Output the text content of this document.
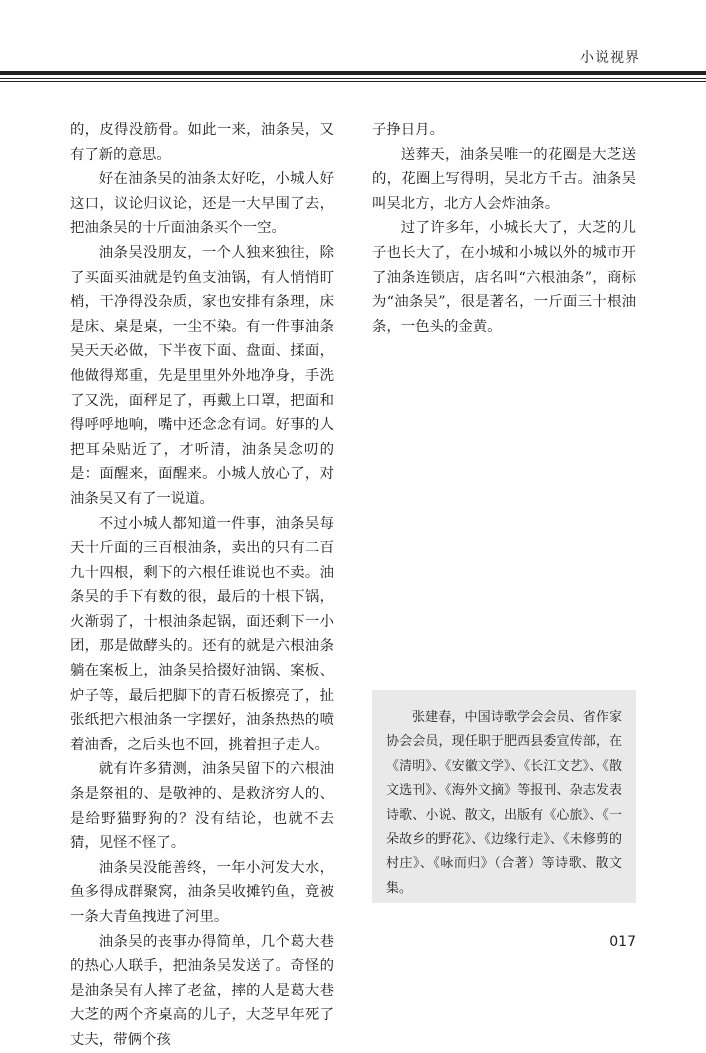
小说视界

的，皮得没筋骨。如此一来，油条吴，又有了新的意思。

好在油条吴的油条太好吃，小城人好这口，议论归议论，还是一大早围了去，把油条吴的十斤面油条买个一空。

油条吴没朋友，一个人独来独往，除了买面买油就是钓鱼支油锅，有人悄悄盯梢，干净得没杂质，家也安排有条理，床是床、桌是桌，一尘不染。有一件事油条吴天天必做，下半夜下面、盘面、揉面，他做得郑重，先是里里外外地净身，手洗了又洗，面秤足了，再戴上口罩，把面和得呼呼地响，嘴中还念念有词。好事的人把耳朵贴近了，才听清，油条吴念叨的是：面醒来，面醒来。小城人放心了，对油条吴又有了一说道。

不过小城人都知道一件事，油条吴每天十斤面的三百根油条，卖出的只有二百九十四根，剩下的六根任谁说也不卖。油条吴的手下有数的很，最后的十根下锅，火渐弱了，十根油条起锅，面还剩下一小团，那是做酵头的。还有的就是六根油条躺在案板上，油条吴拾掇好油锅、案板、炉子等，最后把脚下的青石板擦亮了，扯张纸把六根油条一字摆好，油条热热的喷着油香，之后头也不回，挑着担子走人。

就有许多猜测，油条吴留下的六根油条是祭祖的、是敬神的、是救济穷人的、是给野猫野狗的？没有结论，也就不去猜，见怪不怪了。

油条吴没能善终，一年小河发大水，鱼多得成群聚窝，油条吴收摊钓鱼，竟被一条大青鱼拽进了河里。

油条吴的丧事办得简单，几个葛大巷的热心人联手，把油条吴发送了。奇怪的是油条吴有人摔了老盆，摔的人是葛大巷大芝的两个齐桌高的儿子，大芝早年死了丈夫，带俩个孩

子挣日月。

送葬天，油条吴唯一的花圈是大芝送的，花圈上写得明，吴北方千古。油条吴叫吴北方，北方人会炸油条。

过了许多年，小城长大了，大芝的儿子也长大了，在小城和小城以外的城市开了油条连锁店，店名叫“六根油条”，商标为“油条吴”，很是著名，一斤面三十根油条，一色头的金黄。

张建春，中国诗歌学会会员、省作家协会会员，现任职于肥西县委宣传部，在《清明》、《安徽文学》、《长江文艺》、《散文选刊》、《海外文摘》等报刊、杂志发表诗歌、小说、散文，出版有《心旅》、《一朵故乡的野花》、《边缘行走》、《未修剪的村庄》、《咏而归》（合著）等诗歌、散文集。

017
